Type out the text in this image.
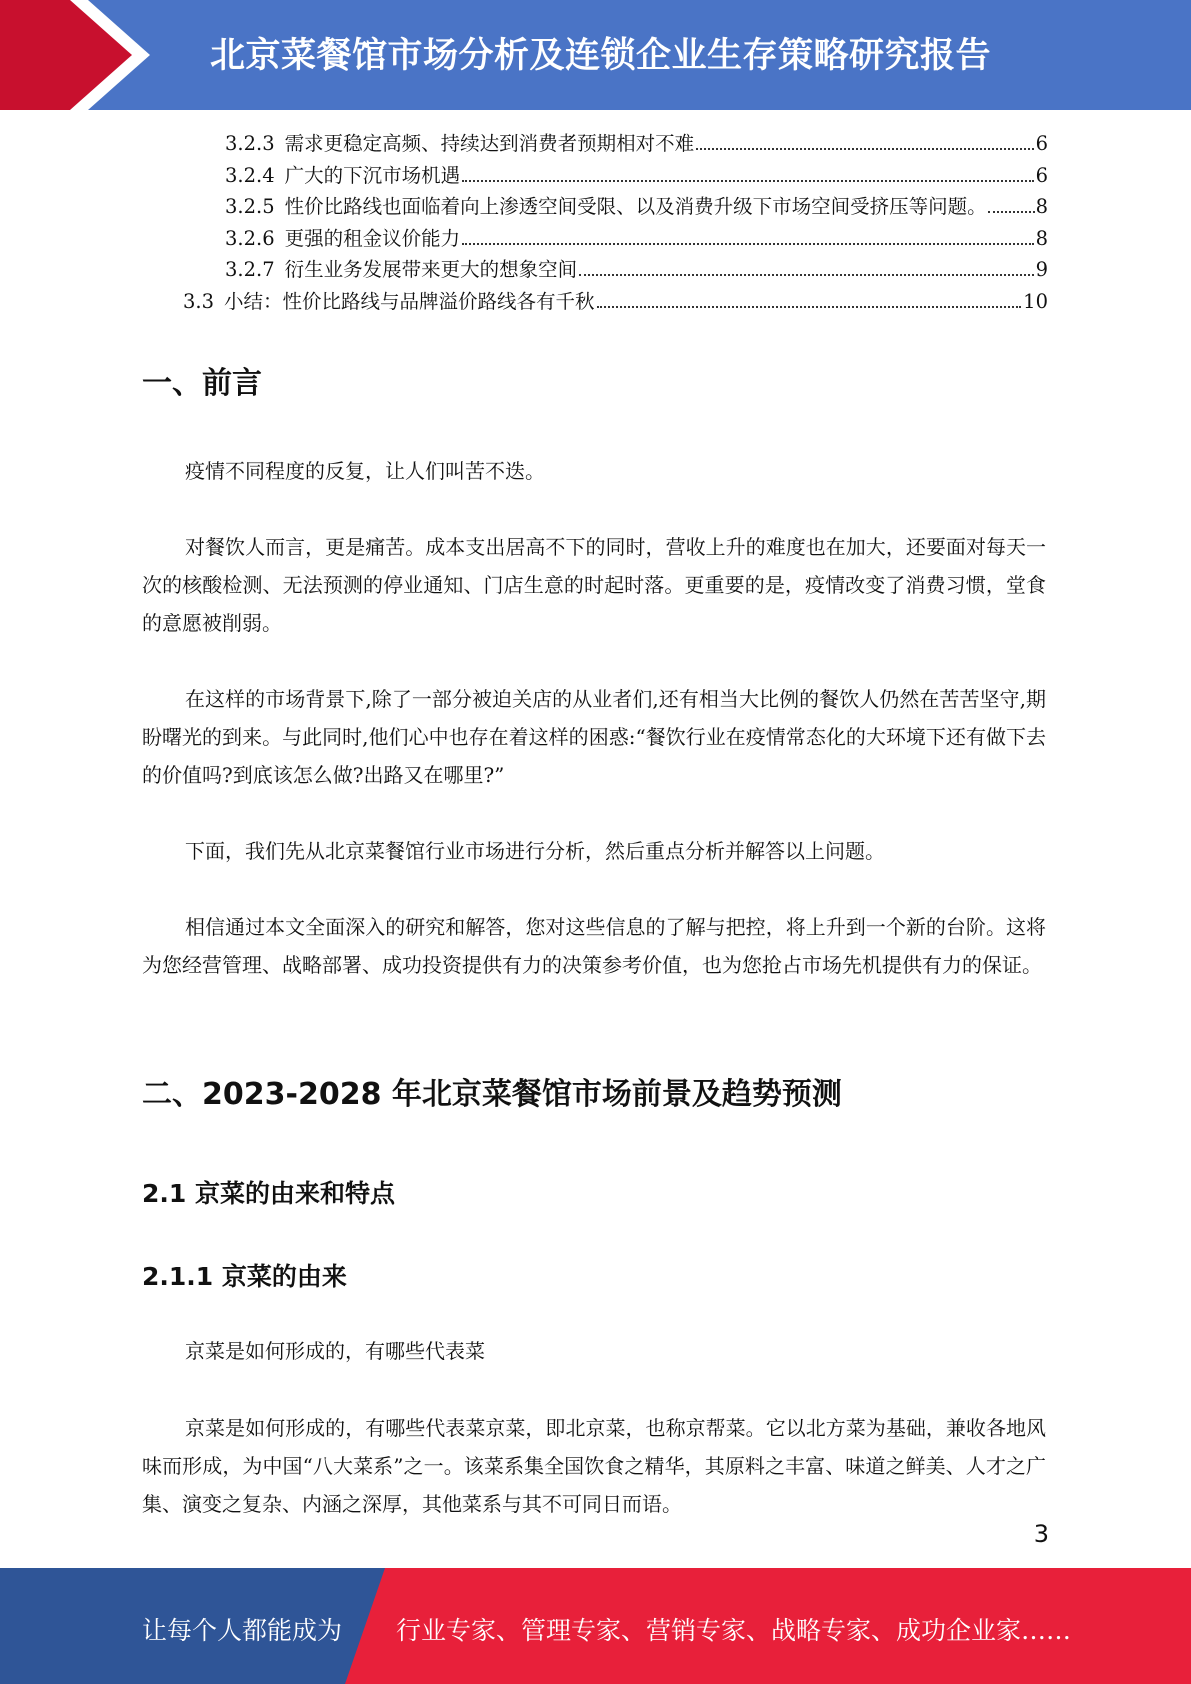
北京菜餐馆市场分析及连锁企业生存策略研究报告
3.2.3 需求更稳定高频、持续达到消费者预期相对不难	6
3.2.4 广大的下沉市场机遇	6
3.2.5 性价比路线也面临着向上渗透空间受限、以及消费升级下市场空间受挤压等问题。	8
3.2.6 更强的租金议价能力	8
3.2.7 衍生业务发展带来更大的想象空间	9
3.3 小结：性价比路线与品牌溢价路线各有千秋	10
一、前言

疫情不同程度的反复，让人们叫苦不迭。

对餐饮人而言，更是痛苦。成本支出居高不下的同时，营收上升的难度也在加大，还要面对每天一次的核酸检测、无法预测的停业通知、门店生意的时起时落。更重要的是，疫情改变了消费习惯，堂食的意愿被削弱。

在这样的市场背景下,除了一部分被迫关店的从业者们,还有相当大比例的餐饮人仍然在苦苦坚守,期盼曙光的到来。与此同时,他们心中也存在着这样的困惑:“餐饮行业在疫情常态化的大环境下还有做下去的价值吗?到底该怎么做?出路又在哪里?”

下面，我们先从北京菜餐馆行业市场进行分析，然后重点分析并解答以上问题。

相信通过本文全面深入的研究和解答，您对这些信息的了解与把控，将上升到一个新的台阶。这将为您经营管理、战略部署、成功投资提供有力的决策参考价值，也为您抢占市场先机提供有力的保证。

二、2023-2028 年北京菜餐馆市场前景及趋势预测
2.1 京菜的由来和特点
2.1.1 京菜的由来

京菜是如何形成的，有哪些代表菜

京菜是如何形成的，有哪些代表菜京菜，即北京菜，也称京帮菜。它以北方菜为基础，兼收各地风味而形成，为中国“八大菜系”之一。该菜系集全国饮食之精华，其原料之丰富、味道之鲜美、人才之广集、演变之复杂、内涵之深厚，其他菜系与其不可同日而语。

3
让每个人都能成为 行业专家、管理专家、营销专家、战略专家、成功企业家……
